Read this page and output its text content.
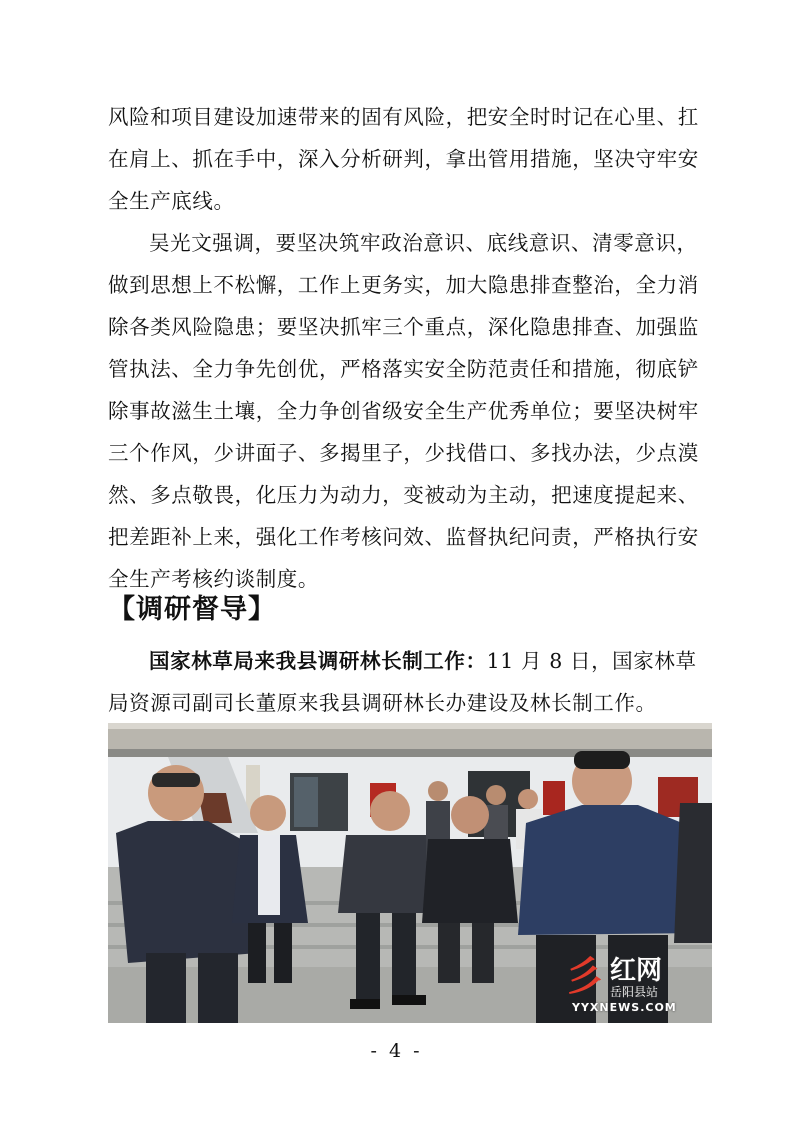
风险和项目建设加速带来的固有风险，把安全时时记在心里、扛
在肩上、抓在手中，深入分析研判，拿出管用措施，坚决守牢安
全生产底线。
吴光文强调，要坚决筑牢政治意识、底线意识、清零意识，
做到思想上不松懈，工作上更务实，加大隐患排查整治，全力消
除各类风险隐患；要坚决抓牢三个重点，深化隐患排查、加强监
管执法、全力争先创优，严格落实安全防范责任和措施，彻底铲
除事故滋生土壤，全力争创省级安全生产优秀单位；要坚决树牢
三个作风，少讲面子、多揭里子，少找借口、多找办法，少点漠
然、多点敬畏，化压力为动力，变被动为主动，把速度提起来、
把差距补上来，强化工作考核问效、监督执纪问责，严格执行安
全生产考核约谈制度。
【调研督导】
国家林草局来我县调研林长制工作：11 月 8 日，国家林草
局资源司副司长董原来我县调研林长办建设及林长制工作。
彡 红网
岳阳县站
YYXNEWS.COM
- 4 -
